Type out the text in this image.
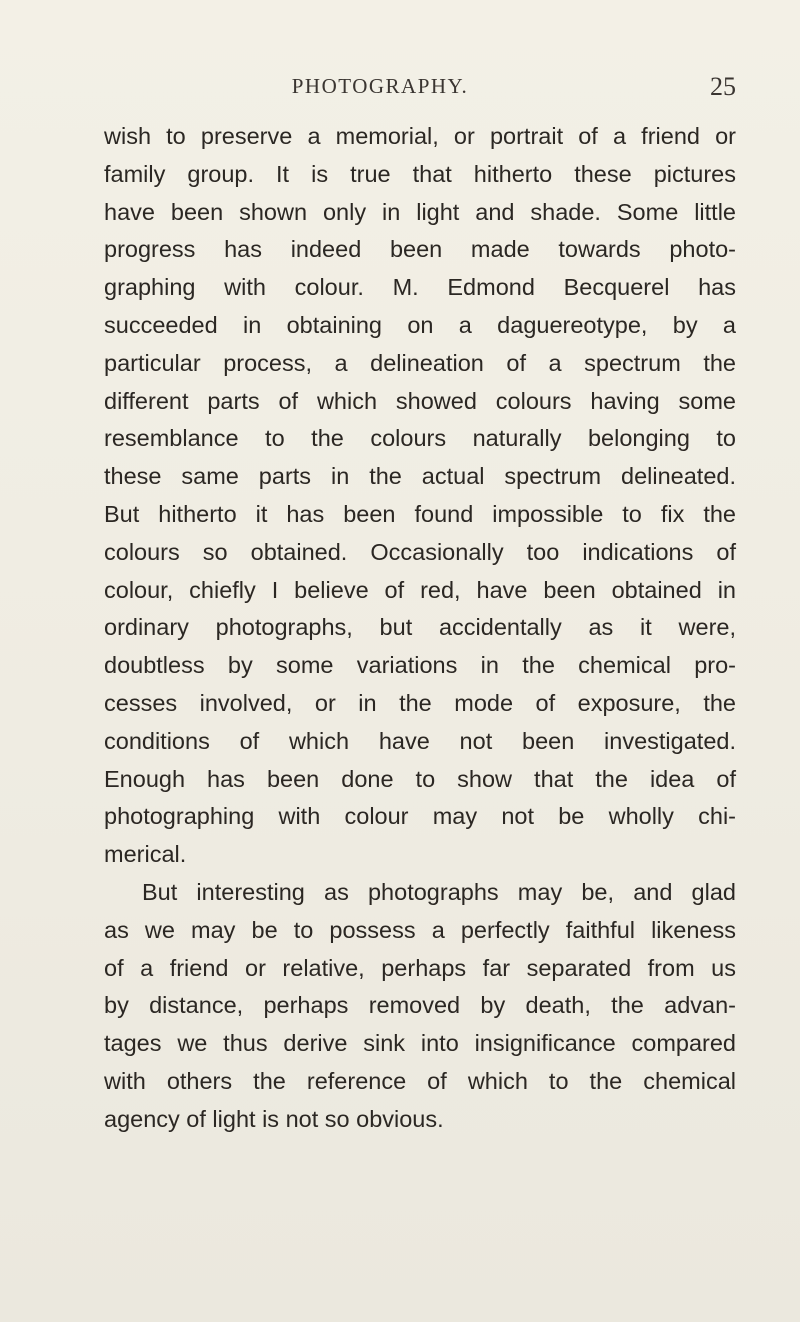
PHOTOGRAPHY.	25
wish to preserve a memorial, or portrait of a friend or
family group. It is true that hitherto these pictures
have been shown only in light and shade. Some little
progress has indeed been made towards photo-
graphing with colour. M. Edmond Becquerel has
succeeded in obtaining on a daguereotype, by a
particular process, a delineation of a spectrum the
different parts of which showed colours having some
resemblance to the colours naturally belonging to
these same parts in the actual spectrum delineated.
But hitherto it has been found impossible to fix the
colours so obtained. Occasionally too indications of
colour, chiefly I believe of red, have been obtained in
ordinary photographs, but accidentally as it were,
doubtless by some variations in the chemical pro-
cesses involved, or in the mode of exposure, the
conditions of which have not been investigated.
Enough has been done to show that the idea of
photographing with colour may not be wholly chi-
merical.
But interesting as photographs may be, and glad
as we may be to possess a perfectly faithful likeness
of a friend or relative, perhaps far separated from us
by distance, perhaps removed by death, the advan-
tages we thus derive sink into insignificance compared
with others the reference of which to the chemical
agency of light is not so obvious.
